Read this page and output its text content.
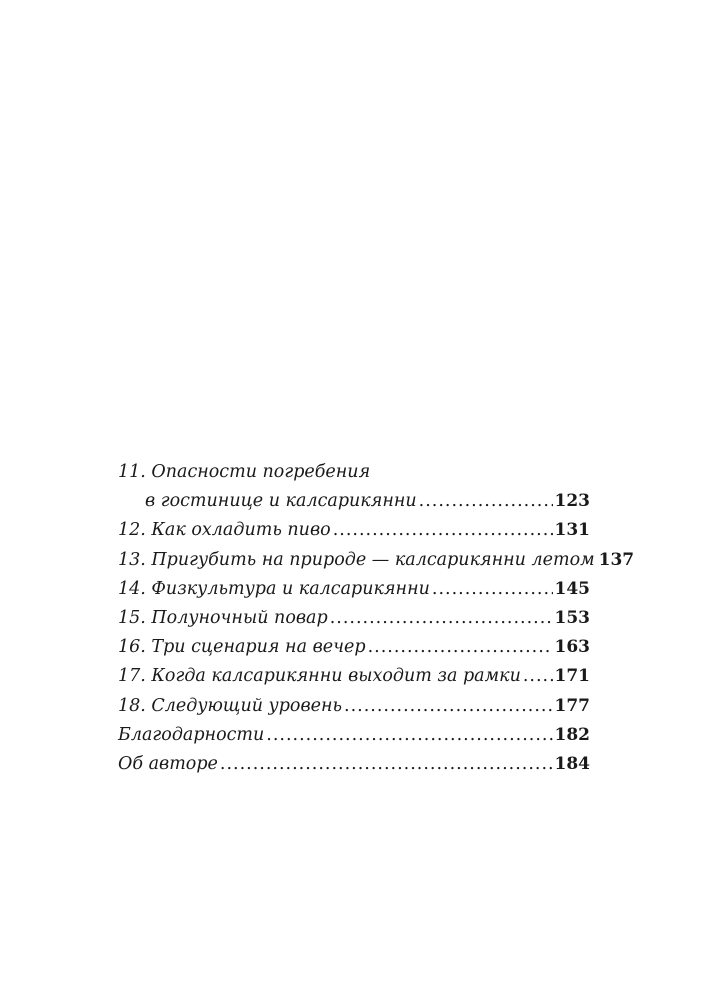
11. Опасности погребения
в гостинице и калсарикянни .....	123
12. Как охладить пиво .....	131
13. Пригубить на природе — калсарикянни летом 137
14. Физкультура и калсарикянни .....	145
15. Полуночный повар .....	153
16. Три сценария на вечер .....	163
17. Когда калсарикянни выходит за рамки ..... 171
18. Следующий уровень .....	177
Благодарности .....	182
Об авторе .....	184
